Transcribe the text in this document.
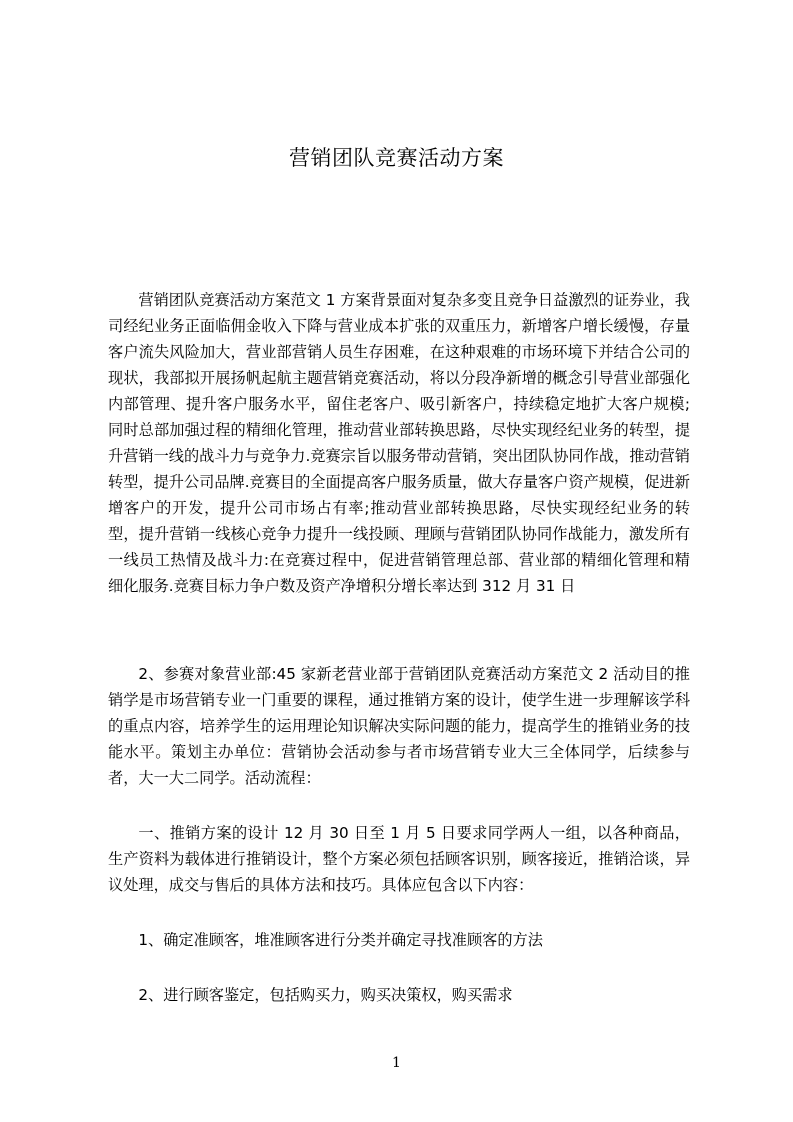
营销团队竞赛活动方案

营销团队竞赛活动方案范文 1 方案背景面对复杂多变且竞争日益激烈的证券业，我司经纪业务正面临佣金收入下降与营业成本扩张的双重压力，新增客户增长缓慢，存量客户流失风险加大，营业部营销人员生存困难，在这种艰难的市场环境下并结合公司的现状，我部拟开展扬帆起航主题营销竞赛活动，将以分段净新增的概念引导营业部强化内部管理、提升客户服务水平，留住老客户、吸引新客户，持续稳定地扩大客户规模;同时总部加强过程的精细化管理，推动营业部转换思路，尽快实现经纪业务的转型，提升营销一线的战斗力与竞争力.竞赛宗旨以服务带动营销，突出团队协同作战，推动营销转型，提升公司品牌.竞赛目的全面提高客户服务质量，做大存量客户资产规模，促进新增客户的开发，提升公司市场占有率;推动营业部转换思路，尽快实现经纪业务的转型，提升营销一线核心竞争力提升一线投顾、理顾与营销团队协同作战能力，激发所有一线员工热情及战斗力:在竞赛过程中，促进营销管理总部、营业部的精细化管理和精细化服务.竞赛目标力争户数及资产净增积分增长率达到 312 月 31 日

2、参赛对象营业部:45 家新老营业部于营销团队竞赛活动方案范文 2 活动目的推销学是市场营销专业一门重要的课程，通过推销方案的设计，使学生进一步理解该学科的重点内容，培养学生的运用理论知识解决实际问题的能力，提高学生的推销业务的技能水平。策划主办单位：营销协会活动参与者市场营销专业大三全体同学，后续参与者，大一大二同学。活动流程：

一、推销方案的设计 12 月 30 日至 1 月 5 日要求同学两人一组，以各种商品，生产资料为载体进行推销设计，整个方案必须包括顾客识别，顾客接近，推销洽谈，异议处理，成交与售后的具体方法和技巧。具体应包含以下内容：

1、确定准顾客，堆准顾客进行分类并确定寻找准顾客的方法

2、进行顾客鉴定，包括购买力，购买决策权，购买需求

1
